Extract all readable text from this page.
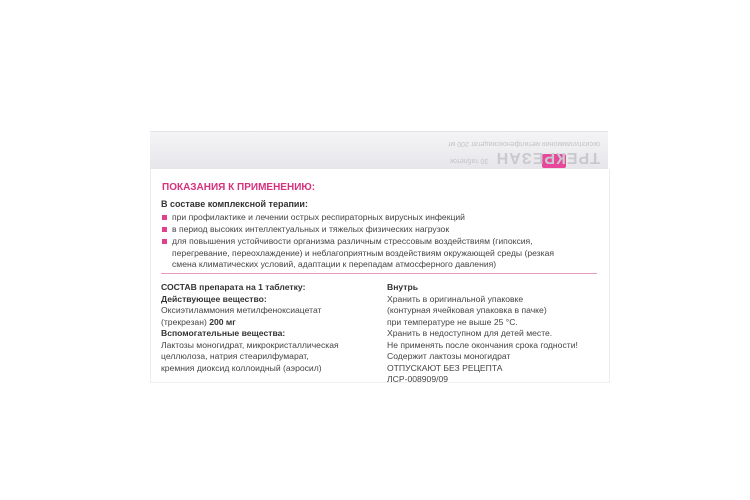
ТРЕКРЕЗАН
оксиэтиламмония метилфеноксиацетат 200 мг
30 таблеток
ПОКАЗАНИЯ К ПРИМЕНЕНИЮ:
В составе комплексной терапии:
при профилактике и лечении острых респираторных вирусных инфекций
в период высоких интеллектуальных и тяжелых физических нагрузок
для повышения устойчивости организма различным стрессовым воздействиям (гипоксия,
перегревание, переохлаждение) и неблагоприятным воздействиям окружающей среды (резкая
смена климатических условий, адаптации к перепадам атмосферного давления)
СОСТАВ препарата на 1 таблетку:
Действующее вещество:
Оксиэтиламмония метилфеноксиацетат
(трекрезан) 200 мг
Вспомогательные вещества:
Лактозы моногидрат, микрокристаллическая
целлюлоза, натрия стеарилфумарат,
кремния диоксид коллоидный (аэросил)
Внутрь
Хранить в оригинальной упаковке
(контурная ячейковая упаковка в пачке)
при температуре не выше 25 °С.
Хранить в недоступном для детей месте.
Не применять после окончания срока годности!
Содержит лактозы моногидрат
ОТПУСКАЮТ БЕЗ РЕЦЕПТА
ЛСР-008909/09
